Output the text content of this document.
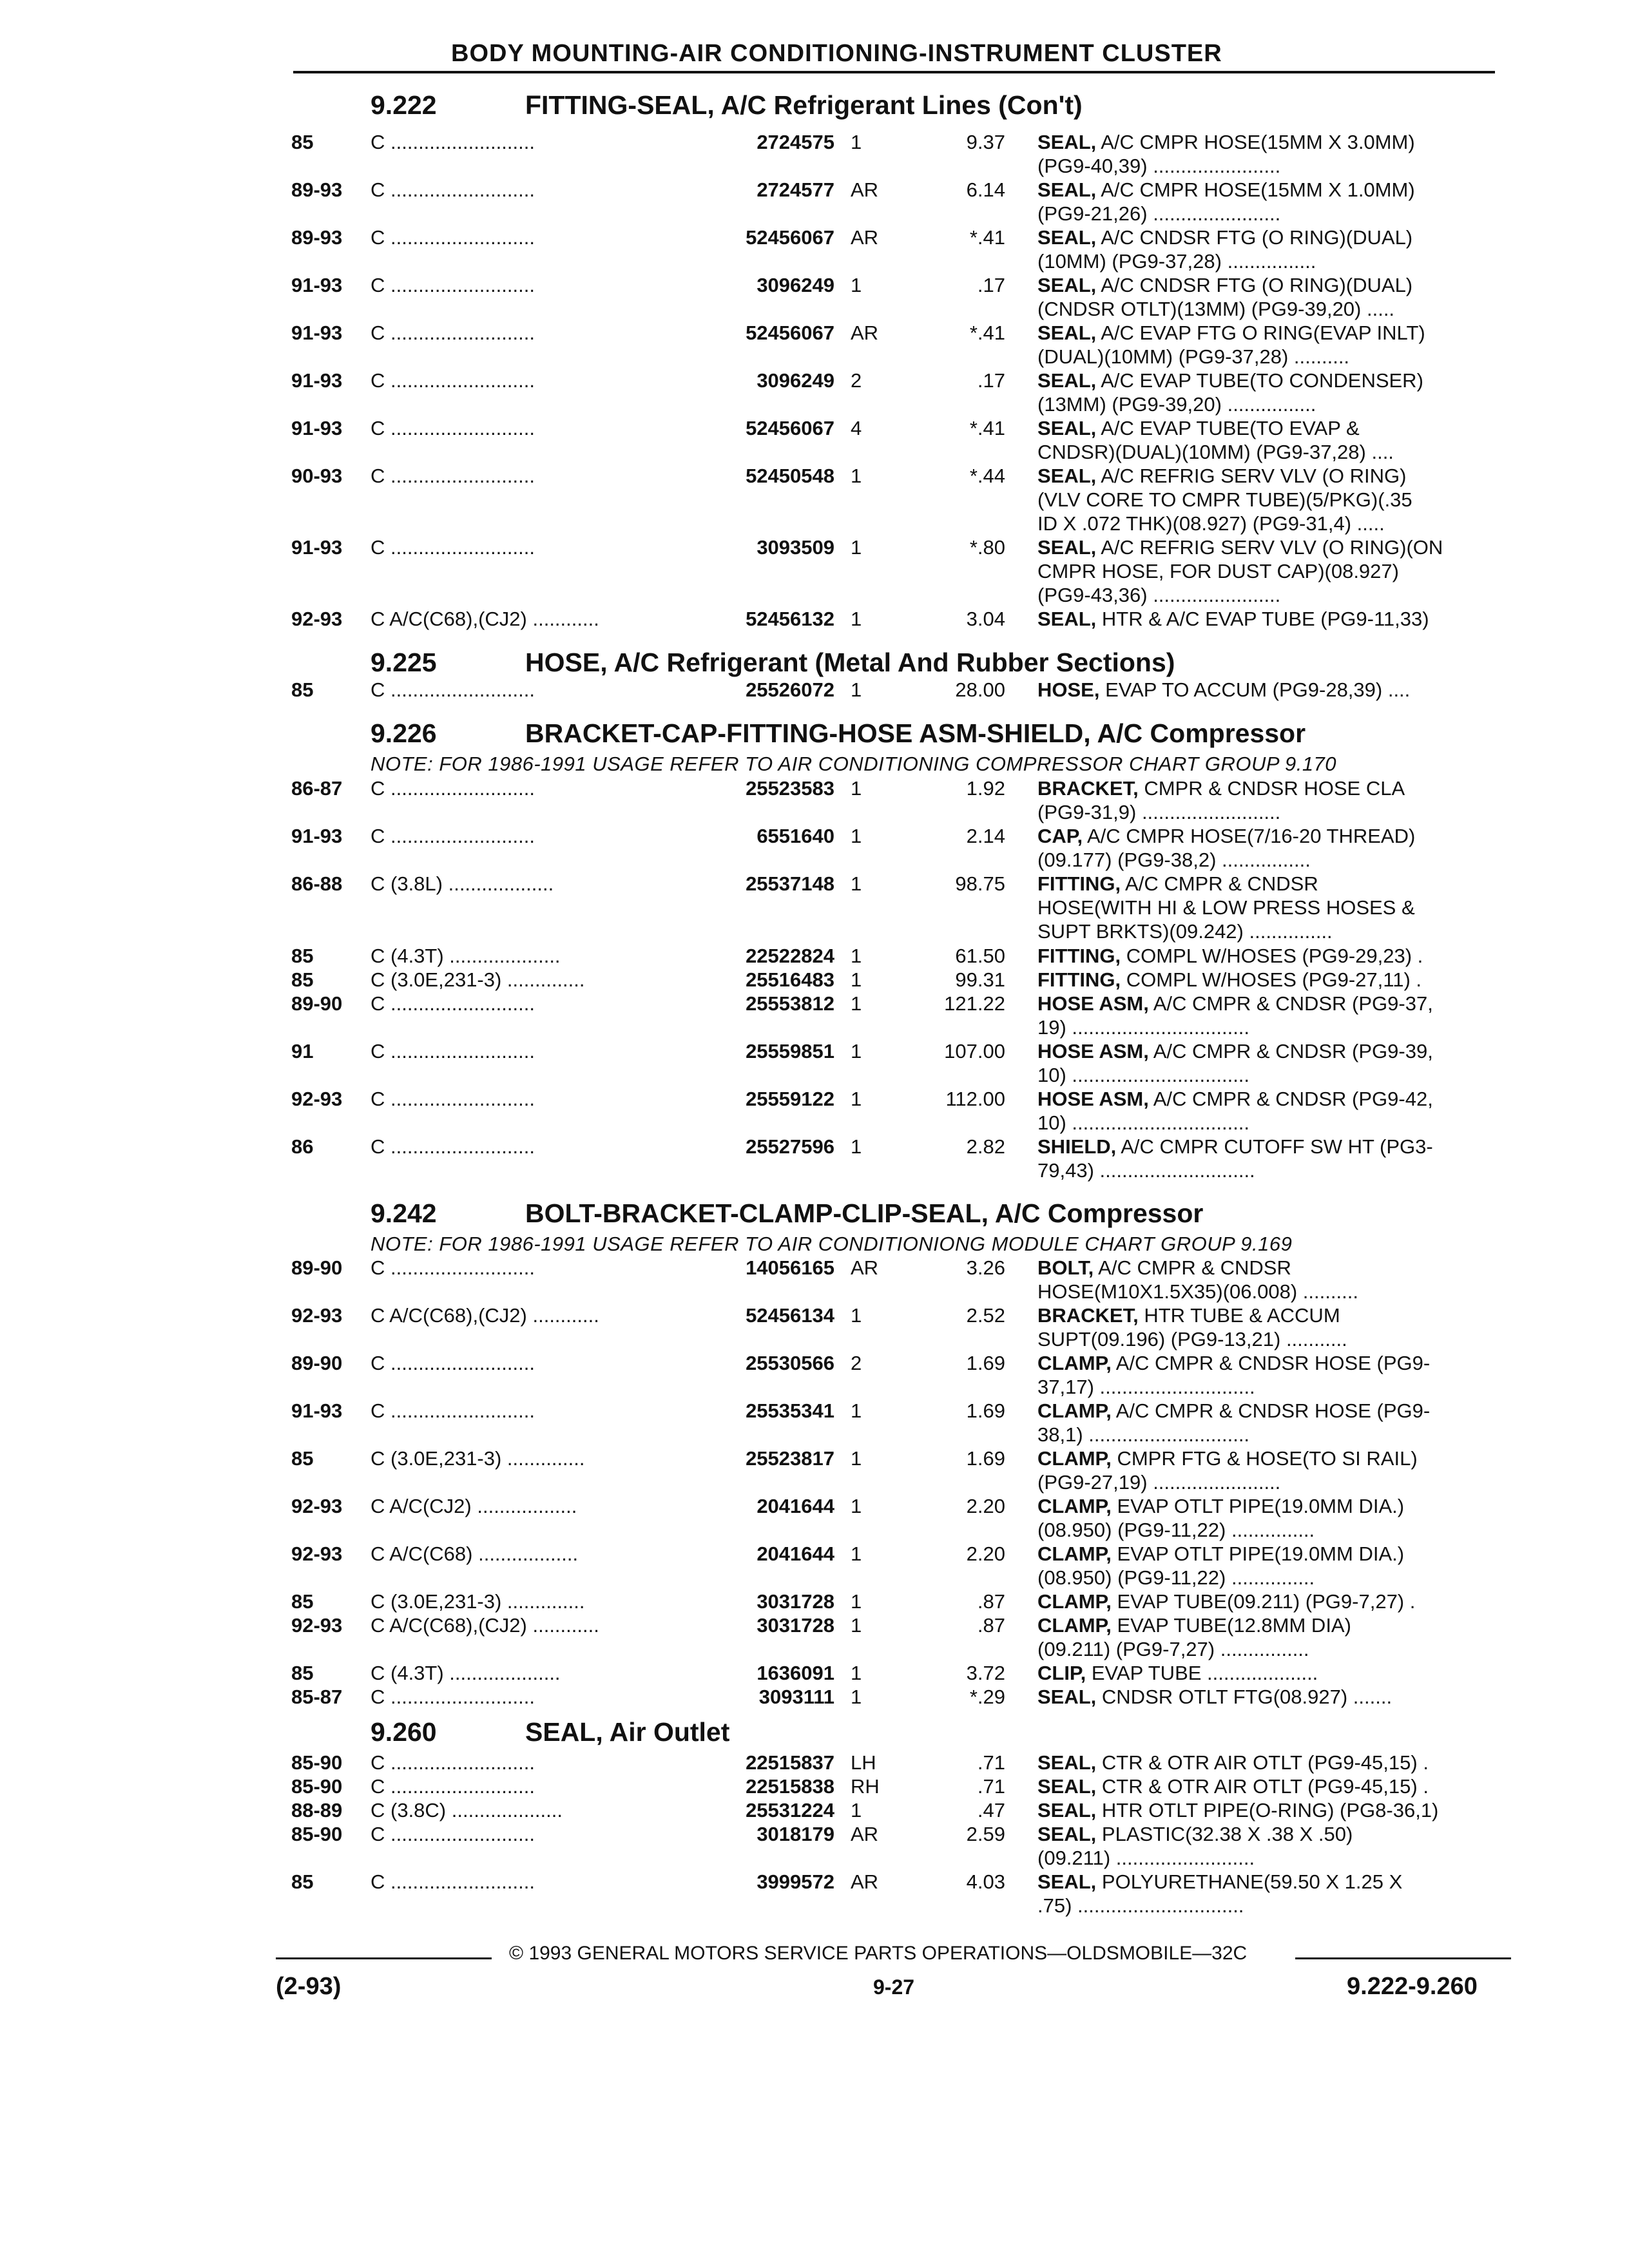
BODY MOUNTING-AIR CONDITIONING-INSTRUMENT CLUSTER
9.222	FITTING-SEAL, A/C Refrigerant Lines (Con't)
9.225	HOSE, A/C Refrigerant (Metal And Rubber Sections)
9.226	BRACKET-CAP-FITTING-HOSE ASM-SHIELD, A/C Compressor
9.242	BOLT-BRACKET-CLAMP-CLIP-SEAL, A/C Compressor
9.260	SEAL, Air Outlet
NOTE: FOR 1986-1991 USAGE REFER TO AIR CONDITIONING COMPRESSOR CHART GROUP 9.170
NOTE: FOR 1986-1991 USAGE REFER TO AIR CONDITIONIONG MODULE CHART GROUP 9.169
85	C ..........................	2724575 1	9.37 SEAL, A/C CMPR HOSE(15MM X 3.0MM)
(PG9-40,39) .......................
89-93 C ..........................	2724577 AR	6.14 SEAL, A/C CMPR HOSE(15MM X 1.0MM)
(PG9-21,26) .......................
89-93 C ..........................	52456067 AR	*.41 SEAL, A/C CNDSR FTG (O RING)(DUAL)
(10MM) (PG9-37,28) ................
91-93 C ..........................	3096249 1	.17 SEAL, A/C CNDSR FTG (O RING)(DUAL)
(CNDSR OTLT)(13MM) (PG9-39,20) .....
91-93 C ..........................	52456067 AR	*.41 SEAL, A/C EVAP FTG O RING(EVAP INLT)
(DUAL)(10MM) (PG9-37,28) ..........
91-93 C ..........................	3096249 2	.17 SEAL, A/C EVAP TUBE(TO CONDENSER)
(13MM) (PG9-39,20) ................
91-93 C ..........................	52456067 4	*.41 SEAL, A/C EVAP TUBE(TO EVAP &
CNDSR)(DUAL)(10MM) (PG9-37,28) ....
90-93 C ..........................	52450548 1	*.44 SEAL, A/C REFRIG SERV VLV (O RING)
(VLV CORE TO CMPR TUBE)(5/PKG)(.35
ID X .072 THK)(08.927) (PG9-31,4) .....
91-93 C ..........................	3093509 1	*.80 SEAL, A/C REFRIG SERV VLV (O RING)(ON
CMPR HOSE, FOR DUST CAP)(08.927)
(PG9-43,36) .......................
92-93 C A/C(C68),(CJ2) ............	52456132 1	3.04 SEAL, HTR & A/C EVAP TUBE (PG9-11,33)
85	C ..........................	25526072 1	28.00 HOSE, EVAP TO ACCUM (PG9-28,39) ....
86-87 C ..........................	25523583 1	1.92 BRACKET, CMPR & CNDSR HOSE CLA
(PG9-31,9) .........................
91-93 C ..........................	6551640 1	2.14 CAP, A/C CMPR HOSE(7/16-20 THREAD)
(09.177) (PG9-38,2) ................
86-88 C (3.8L) ...................	25537148 1	98.75 FITTING, A/C CMPR & CNDSR
HOSE(WITH HI & LOW PRESS HOSES &
SUPT BRKTS)(09.242) ...............
85	C (4.3T) ....................	22522824 1	61.50 FITTING, COMPL W/HOSES (PG9-29,23) .
85	C (3.0E,231-3) ..............	25516483 1	99.31 FITTING, COMPL W/HOSES (PG9-27,11) .
89-90 C ..........................	25553812 1	121.22 HOSE ASM, A/C CMPR & CNDSR (PG9-37,
19) ................................
91	C ..........................	25559851 1	107.00 HOSE ASM, A/C CMPR & CNDSR (PG9-39,
10) ................................
92-93 C ..........................	25559122 1	112.00 HOSE ASM, A/C CMPR & CNDSR (PG9-42,
10) ................................
86	C ..........................	25527596 1	2.82 SHIELD, A/C CMPR CUTOFF SW HT (PG3-
79,43) ............................
89-90 C ..........................	14056165 AR	3.26 BOLT, A/C CMPR & CNDSR
HOSE(M10X1.5X35)(06.008) ..........
92-93 C A/C(C68),(CJ2) ............	52456134 1	2.52 BRACKET, HTR TUBE & ACCUM
SUPT(09.196) (PG9-13,21) ...........
89-90 C ..........................	25530566 2	1.69 CLAMP, A/C CMPR & CNDSR HOSE (PG9-
37,17) ............................
91-93 C ..........................	25535341 1	1.69 CLAMP, A/C CMPR & CNDSR HOSE (PG9-
38,1) .............................
85	C (3.0E,231-3) ..............	25523817 1	1.69 CLAMP, CMPR FTG & HOSE(TO SI RAIL)
(PG9-27,19) .......................
92-93 C A/C(CJ2) ..................	2041644 1	2.20 CLAMP, EVAP OTLT PIPE(19.0MM DIA.)
(08.950) (PG9-11,22) ...............
92-93 C A/C(C68) ..................	2041644 1	2.20 CLAMP, EVAP OTLT PIPE(19.0MM DIA.)
(08.950) (PG9-11,22) ...............
85	C (3.0E,231-3) ..............	3031728 1	.87 CLAMP, EVAP TUBE(09.211) (PG9-7,27) .
92-93 C A/C(C68),(CJ2) ............	3031728 1	.87 CLAMP, EVAP TUBE(12.8MM DIA)
(09.211) (PG9-7,27) ................
85	C (4.3T) ....................	1636091 1	3.72 CLIP, EVAP TUBE ....................
85-87 C ..........................	3093111 1	*.29 SEAL, CNDSR OTLT FTG(08.927) .......
85-90 C ..........................	22515837 LH	.71 SEAL, CTR & OTR AIR OTLT (PG9-45,15) .
85-90 C ..........................	22515838 RH	.71 SEAL, CTR & OTR AIR OTLT (PG9-45,15) .
88-89 C (3.8C) ....................	25531224 1	.47 SEAL, HTR OTLT PIPE(O-RING) (PG8-36,1)
85-90 C ..........................	3018179 AR	2.59 SEAL, PLASTIC(32.38 X .38 X .50)
(09.211) .........................
85	C ..........................	3999572 AR	4.03 SEAL, POLYURETHANE(59.50 X 1.25 X
.75) ..............................
© 1993 GENERAL MOTORS SERVICE PARTS OPERATIONS—OLDSMOBILE—32C
(2-93)	9-27	9.222-9.260
